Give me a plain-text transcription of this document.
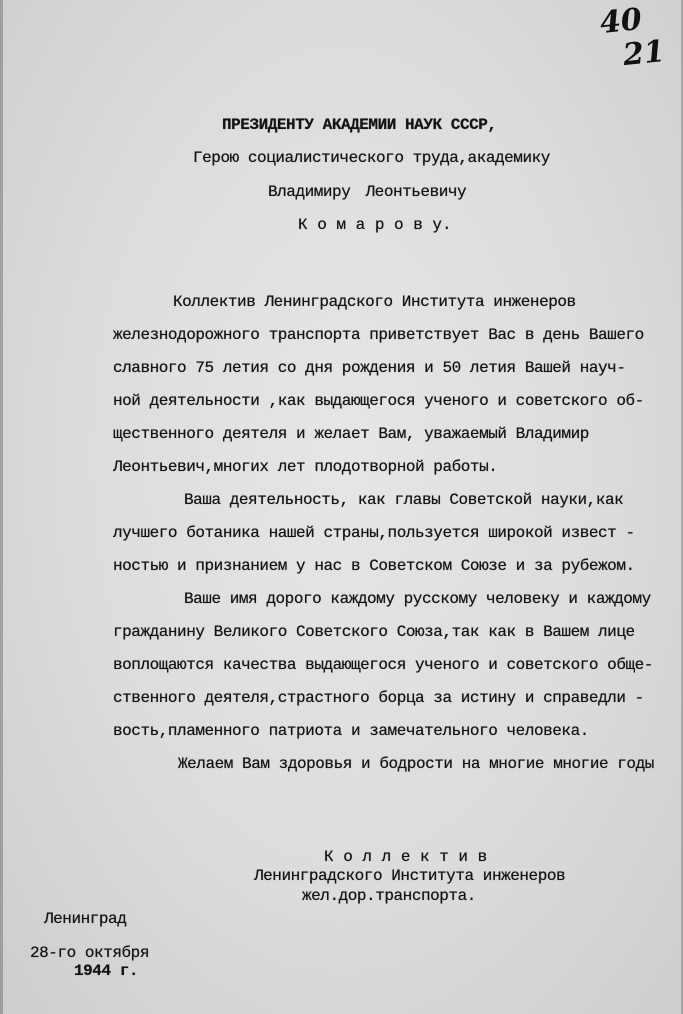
40
21
ПРЕЗИДЕНТУ АКАДЕМИИ НАУК СССР,
Герою социалистического труда,академику
Владимиру Леонтьевичу
К о м а р о в у.
Коллектив Ленинградского Института инженеров
железнодорожного транспорта приветствует Вас в день Вашего
славного 75 летия со дня рождения и 50 летия Вашей науч-
ной деятельности ,как выдающегося ученого и советского об-
щественного деятеля и желает Вам, уважаемый Владимир
Леонтьевич,многих лет плодотворной работы.
Ваша деятельность, как главы Советской науки,как
лучшего ботаника нашей страны,пользуется широкой извест -
ностью и признанием у нас в Советском Союзе и за рубежом.
Ваше имя дорого каждому русскому человеку и каждому
гражданину Великого Советского Союза,так как в Вашем лице
воплощаются качества выдающегося ученого и советского обще-
ственного деятеля,страстного борца за истину и справедли -
вость,пламенного патриота и замечательного человека.
Желаем Вам здоровья и бодрости на многие многие годы
К о л л е к т и в
Ленинградского Института инженеров
жел.дор.транспорта.
Ленинград
28-го октября
1944 г.
